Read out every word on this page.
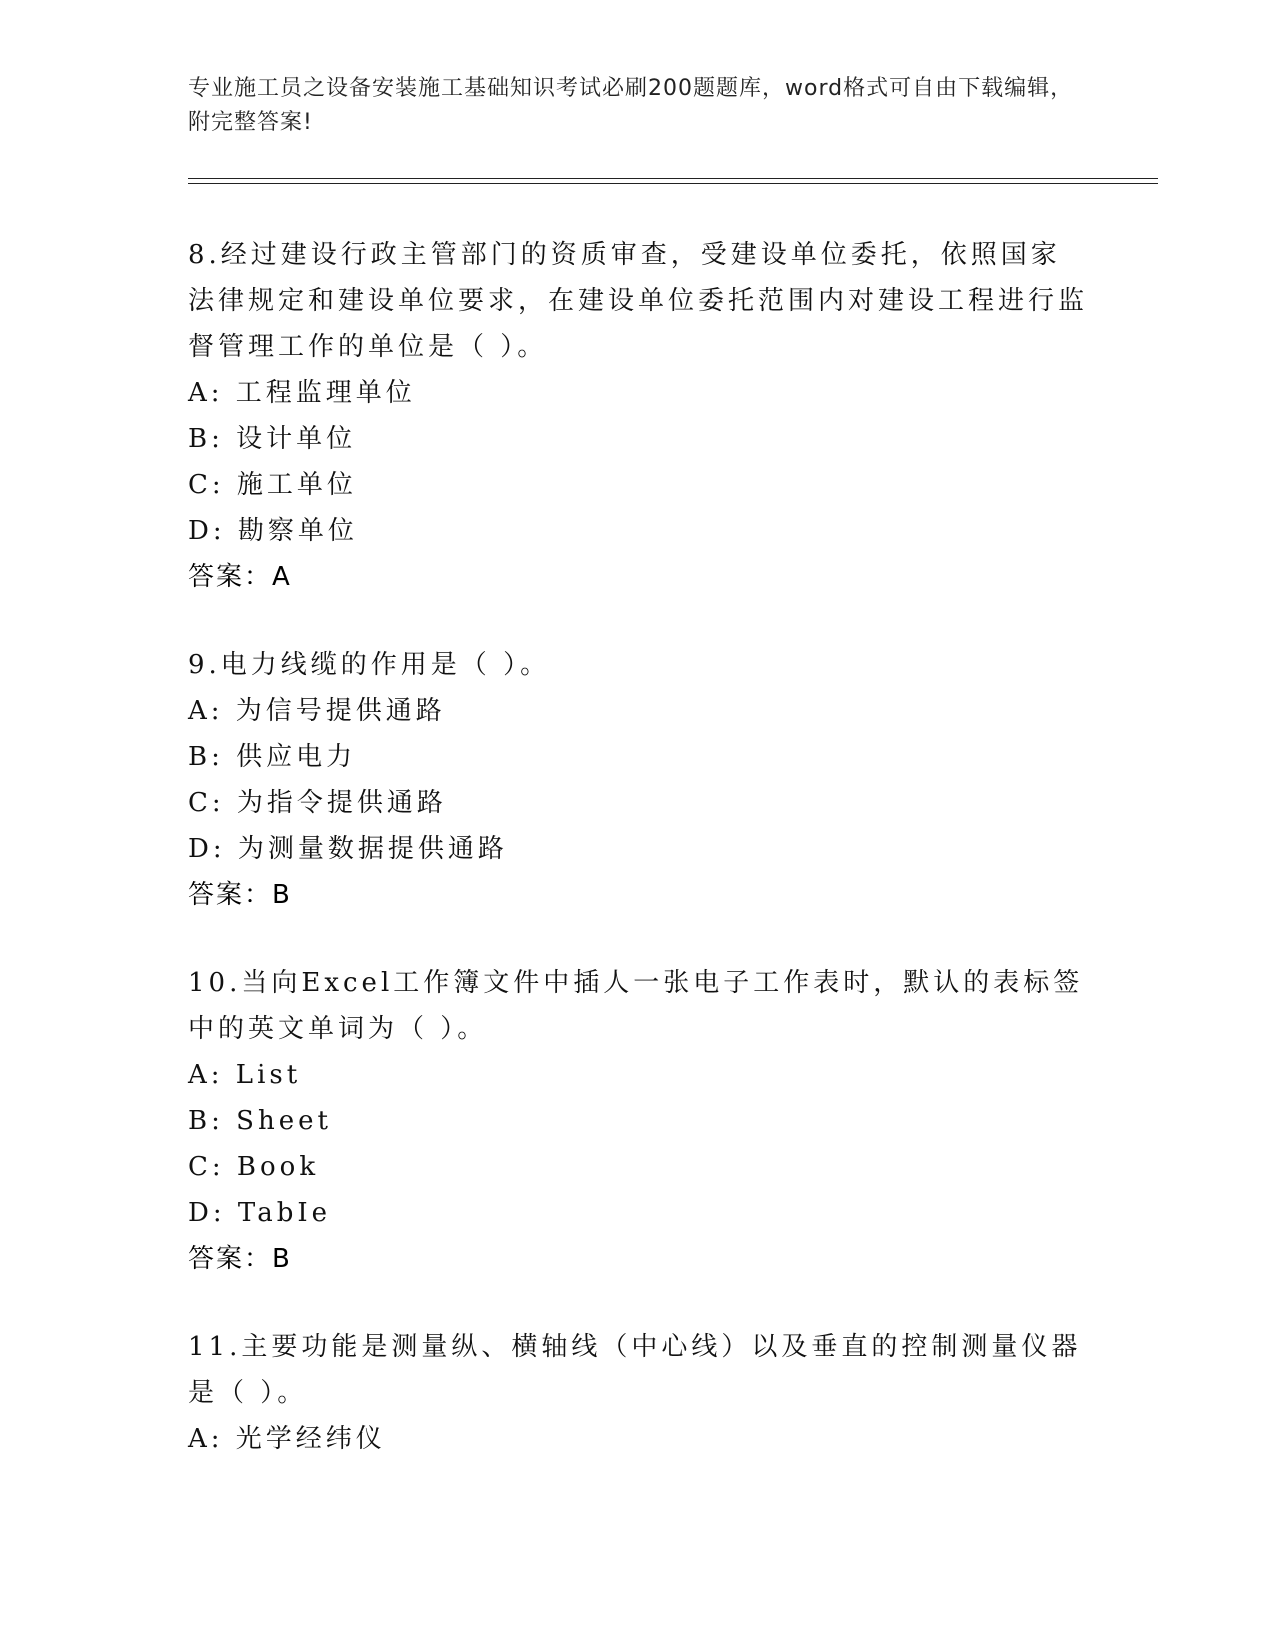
专业施工员之设备安装施工基础知识考试必刷200题题库，word格式可自由下载编辑，附完整答案!
8.经过建设行政主管部门的资质审查，受建设单位委托，依照国家法律规定和建设单位要求，在建设单位委托范围内对建设工程进行监督管理工作的单位是（ ）。
A: 工程监理单位
B: 设计单位
C: 施工单位
D: 勘察单位
答案：A
9.电力线缆的作用是（ ）。
A: 为信号提供通路
B: 供应电力
C: 为指令提供通路
D: 为测量数据提供通路
答案：B
10.当向Excel工作簿文件中插人一张电子工作表时，默认的表标签中的英文单词为（ ）。
A: List
B: Sheet
C: Book
D: TabIe
答案：B
11.主要功能是测量纵、横轴线（中心线）以及垂直的控制测量仪器是（ ）。
A: 光学经纬仪
